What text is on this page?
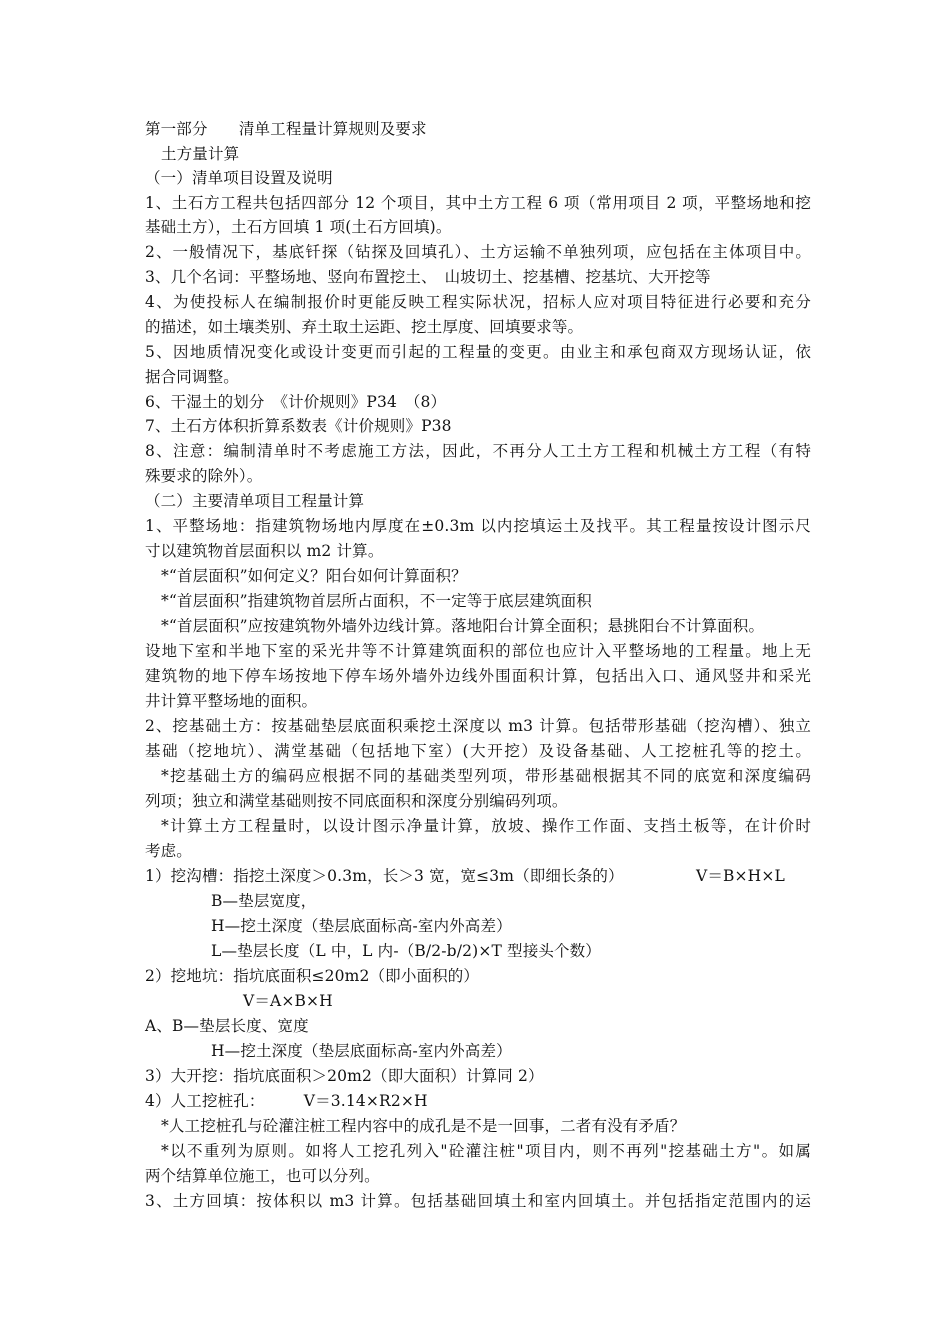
第一部分　　清单工程量计算规则及要求
土方量计算
（一）清单项目设置及说明
1、土石方工程共包括四部分 12 个项目，其中土方工程 6 项（常用项目 2 项，平整场地和挖
基础土方），土石方回填 1 项(土石方回填)。
2、一般情况下，基底钎探（钻探及回填孔）、土方运输不单独列项，应包括在主体项目中。
3、几个名词：平整场地、竖向布置挖土、　山坡切土、挖基槽、挖基坑、大开挖等
4、为使投标人在编制报价时更能反映工程实际状况，招标人应对项目特征进行必要和充分
的描述，如土壤类别、弃土取土运距、挖土厚度、回填要求等。
5、因地质情况变化或设计变更而引起的工程量的变更。由业主和承包商双方现场认证，依
据合同调整。
6、干湿土的划分　《计价规则》P34　（8）
7、土石方体积折算系数表《计价规则》P38
8、注意：编制清单时不考虑施工方法，因此，不再分人工土方工程和机械土方工程（有特
殊要求的除外）。
（二）主要清单项目工程量计算
1、平整场地：指建筑物场地内厚度在±0.3m 以内挖填运土及找平。其工程量按设计图示尺
寸以建筑物首层面积以 m2 计算。
*“首层面积”如何定义？阳台如何计算面积？
*“首层面积”指建筑物首层所占面积，不一定等于底层建筑面积
*“首层面积”应按建筑物外墙外边线计算。落地阳台计算全面积；悬挑阳台不计算面积。
设地下室和半地下室的采光井等不计算建筑面积的部位也应计入平整场地的工程量。地上无
建筑物的地下停车场按地下停车场外墙外边线外围面积计算，包括出入口、通风竖井和采光
井计算平整场地的面积。
2、挖基础土方：按基础垫层底面积乘挖土深度以 m3 计算。包括带形基础（挖沟槽）、独立
基础（挖地坑）、满堂基础（包括地下室）(大开挖）及设备基础、人工挖桩孔等的挖土。
*挖基础土方的编码应根据不同的基础类型列项，带形基础根据其不同的底宽和深度编码
列项；独立和满堂基础则按不同底面积和深度分别编码列项。
*计算土方工程量时，以设计图示净量计算，放坡、操作工作面、支挡土板等，在计价时
考虑。
1）挖沟槽：指挖土深度＞0.3m，长＞3 宽，宽≤3m（即细长条的）	V＝B×H×L
B—垫层宽度，
H—挖土深度（垫层底面标高-室内外高差）
L—垫层长度（L 中，L 内-（B/2-b/2)×T 型接头个数）
2）挖地坑：指坑底面积≤20m2（即小面积的）
V＝A×B×H
A、B—垫层长度、宽度
H—挖土深度（垫层底面标高-室内外高差）
3）大开挖：指坑底面积＞20m2（即大面积）计算同 2）
4）人工挖桩孔：　　　V＝3.14×R2×H
*人工挖桩孔与砼灌注桩工程内容中的成孔是不是一回事，二者有没有矛盾？
*以不重列为原则。如将人工挖孔列入"砼灌注桩"项目内，则不再列"挖基础土方"。如属
两个结算单位施工，也可以分列。
3、土方回填：按体积以 m3 计算。包括基础回填土和室内回填土。并包括指定范围内的运
